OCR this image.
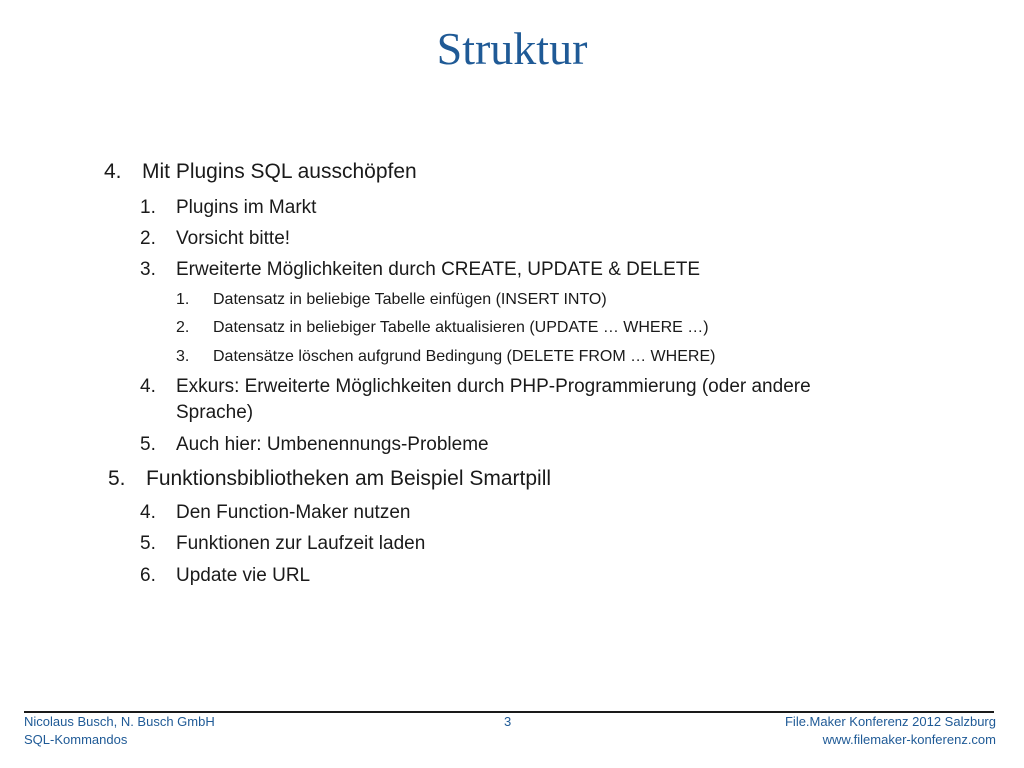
Struktur
4. Mit Plugins SQL ausschöpfen
1.	Plugins im Markt
2.	Vorsicht bitte!
3.	Erweiterte Möglichkeiten durch CREATE, UPDATE & DELETE
1.	Datensatz in beliebige Tabelle einfügen (INSERT INTO)
2.	Datensatz in beliebiger Tabelle aktualisieren (UPDATE … WHERE …)
3.	Datensätze löschen aufgrund Bedingung (DELETE FROM … WHERE)
4.	Exkurs: Erweiterte Möglichkeiten durch PHP-Programmierung (oder andere Sprache)
5.	Auch hier: Umbenennungs-Probleme
5. Funktionsbibliotheken am Beispiel Smartpill
4.	Den Function-Maker nutzen
5.	Funktionen zur Laufzeit laden
6.	Update vie URL
Nicolaus Busch, N. Busch GmbH
SQL-Kommandos
3	File.Maker Konferenz 2012 Salzburg
www.filemaker-konferenz.com
